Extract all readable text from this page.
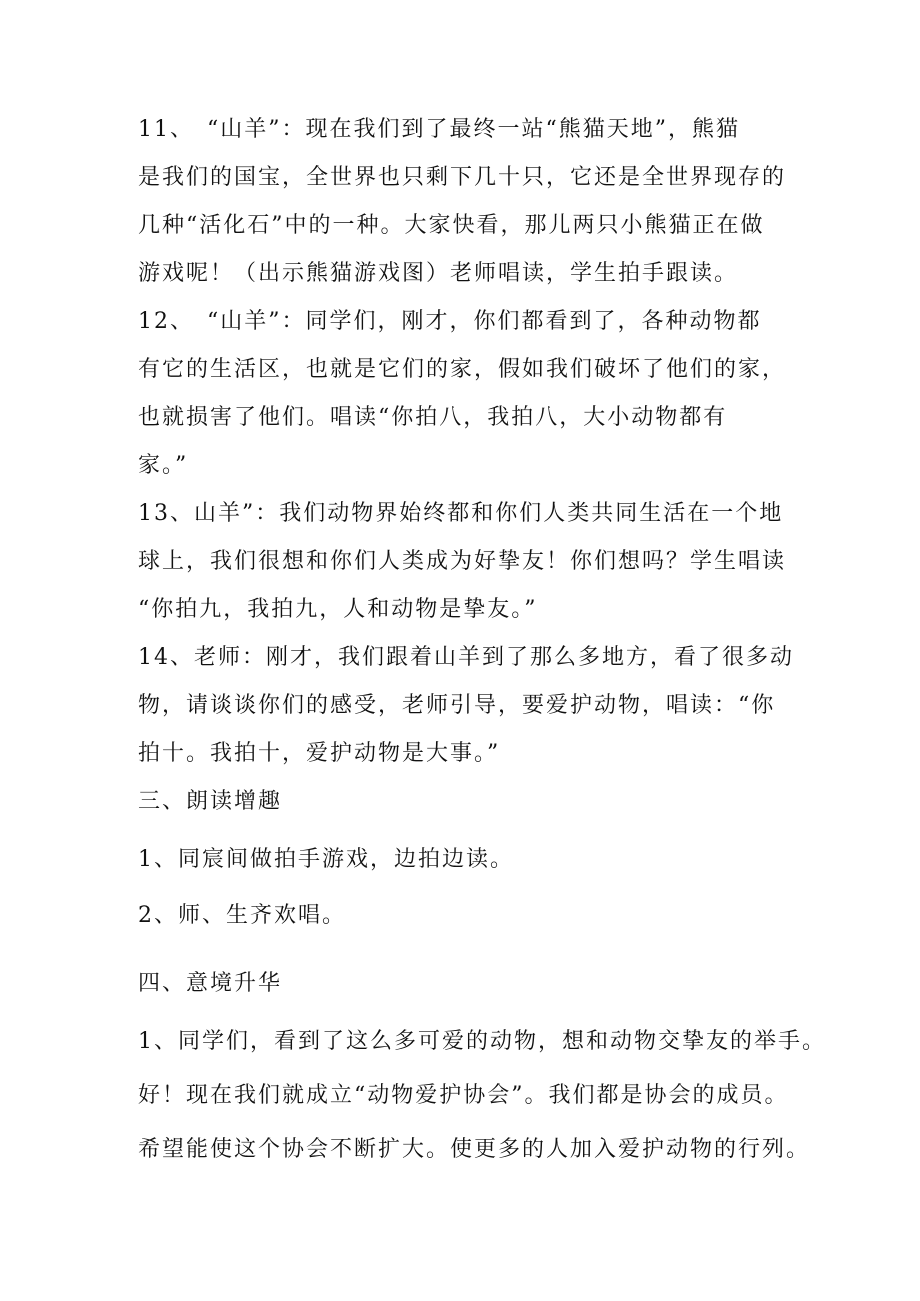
11、　“山羊”：现在我们到了最终一站“熊猫天地”，熊猫
是我们的国宝，全世界也只剩下几十只，它还是全世界现存的
几种“活化石”中的一种。大家快看，那儿两只小熊猫正在做
游戏呢！（出示熊猫游戏图）老师唱读，学生拍手跟读。
12、　“山羊”：同学们，刚才，你们都看到了，各种动物都
有它的生活区，也就是它们的家，假如我们破坏了他们的家，
也就损害了他们。唱读“你拍八，我拍八，大小动物都有
家。”
13、山羊”：我们动物界始终都和你们人类共同生活在一个地
球上，我们很想和你们人类成为好挚友！你们想吗？学生唱读
“你拍九，我拍九，人和动物是挚友。”
14、老师：刚才，我们跟着山羊到了那么多地方，看了很多动
物，请谈谈你们的感受，老师引导，要爱护动物，唱读：“你
拍十。我拍十，爱护动物是大事。”
三、朗读增趣
1、同宸间做拍手游戏，边拍边读。
2、师、生齐欢唱。
四、意境升华
1、同学们，看到了这么多可爱的动物，想和动物交挚友的举手。
好！现在我们就成立“动物爱护协会”。我们都是协会的成员。
希望能使这个协会不断扩大。使更多的人加入爱护动物的行列。
